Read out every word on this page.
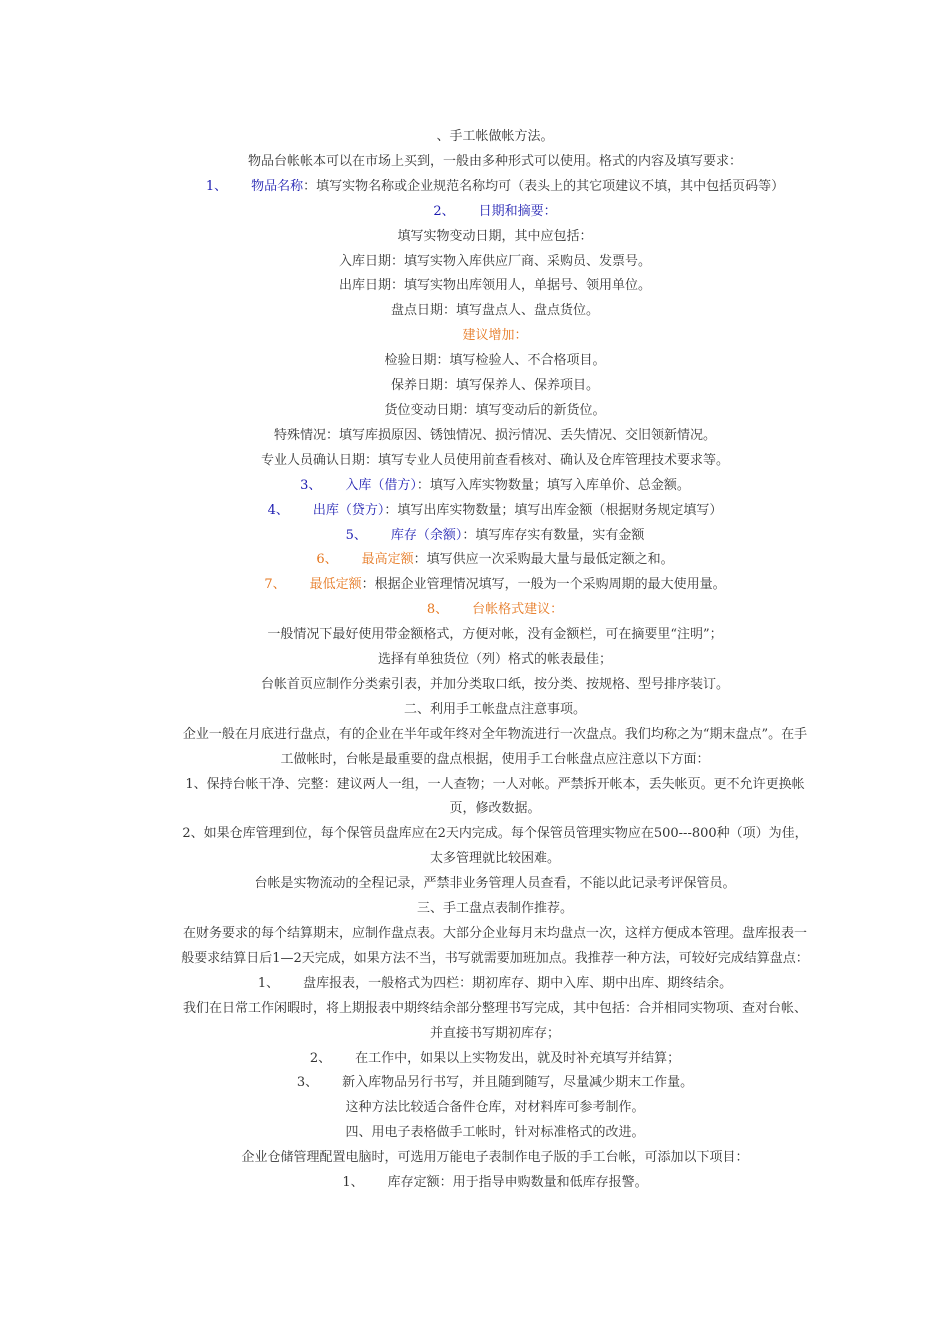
、手工帐做帐方法。
物品台帐帐本可以在市场上买到，一般由多种形式可以使用。格式的内容及填写要求：
1、 物品名称：填写实物名称或企业规范名称均可（表头上的其它项建议不填，其中包括页码等）
2、 日期和摘要：
填写实物变动日期，其中应包括：
入库日期：填写实物入库供应厂商、采购员、发票号。
出库日期：填写实物出库领用人，单据号、领用单位。
盘点日期：填写盘点人、盘点货位。
建议增加：
检验日期：填写检验人、不合格项目。
保养日期：填写保养人、保养项目。
货位变动日期：填写变动后的新货位。
特殊情况：填写库损原因、锈蚀情况、损污情况、丢失情况、交旧领新情况。
专业人员确认日期：填写专业人员使用前查看核对、确认及仓库管理技术要求等。
3、 入库（借方）：填写入库实物数量；填写入库单价、总金额。
4、 出库（贷方）：填写出库实物数量；填写出库金额（根据财务规定填写）
5、 库存（余额）：填写库存实有数量，实有金额
6、 最高定额：填写供应一次采购最大量与最低定额之和。
7、 最低定额：根据企业管理情况填写，一般为一个采购周期的最大使用量。
8、 台帐格式建议：
一般情况下最好使用带金额格式，方便对帐，没有金额栏，可在摘要里“注明”；
选择有单独货位（列）格式的帐表最佳；
台帐首页应制作分类索引表，并加分类取口纸，按分类、按规格、型号排序装订。
二、利用手工帐盘点注意事项。
企业一般在月底进行盘点，有的企业在半年或年终对全年物流进行一次盘点。我们均称之为“期末盘点”。在手工做帐时，台帐是最重要的盘点根据，使用手工台帐盘点应注意以下方面：
1、保持台帐干净、完整：建议两人一组，一人查物；一人对帐。严禁拆开帐本，丢失帐页。更不允许更换帐页，修改数据。
2、如果仓库管理到位，每个保管员盘库应在2天内完成。每个保管员管理实物应在500---800种（项）为佳，太多管理就比较困难。
台帐是实物流动的全程记录，严禁非业务管理人员查看，不能以此记录考评保管员。
三、手工盘点表制作推荐。
在财务要求的每个结算期末，应制作盘点表。大部分企业每月末均盘点一次，这样方便成本管理。盘库报表一般要求结算日后1—2天完成，如果方法不当，书写就需要加班加点。我推荐一种方法，可较好完成结算盘点：
1、 盘库报表，一般格式为四栏：期初库存、期中入库、期中出库、期终结余。
我们在日常工作闲暇时，将上期报表中期终结余部分整理书写完成，其中包括：合并相同实物项、查对台帐、并直接书写期初库存；
2、 在工作中，如果以上实物发出，就及时补充填写并结算；
3、 新入库物品另行书写，并且随到随写，尽量减少期末工作量。
这种方法比较适合备件仓库，对材料库可参考制作。
四、用电子表格做手工帐时，针对标准格式的改进。
企业仓储管理配置电脑时，可选用万能电子表制作电子版的手工台帐，可添加以下项目：
1、 库存定额：用于指导申购数量和低库存报警。
